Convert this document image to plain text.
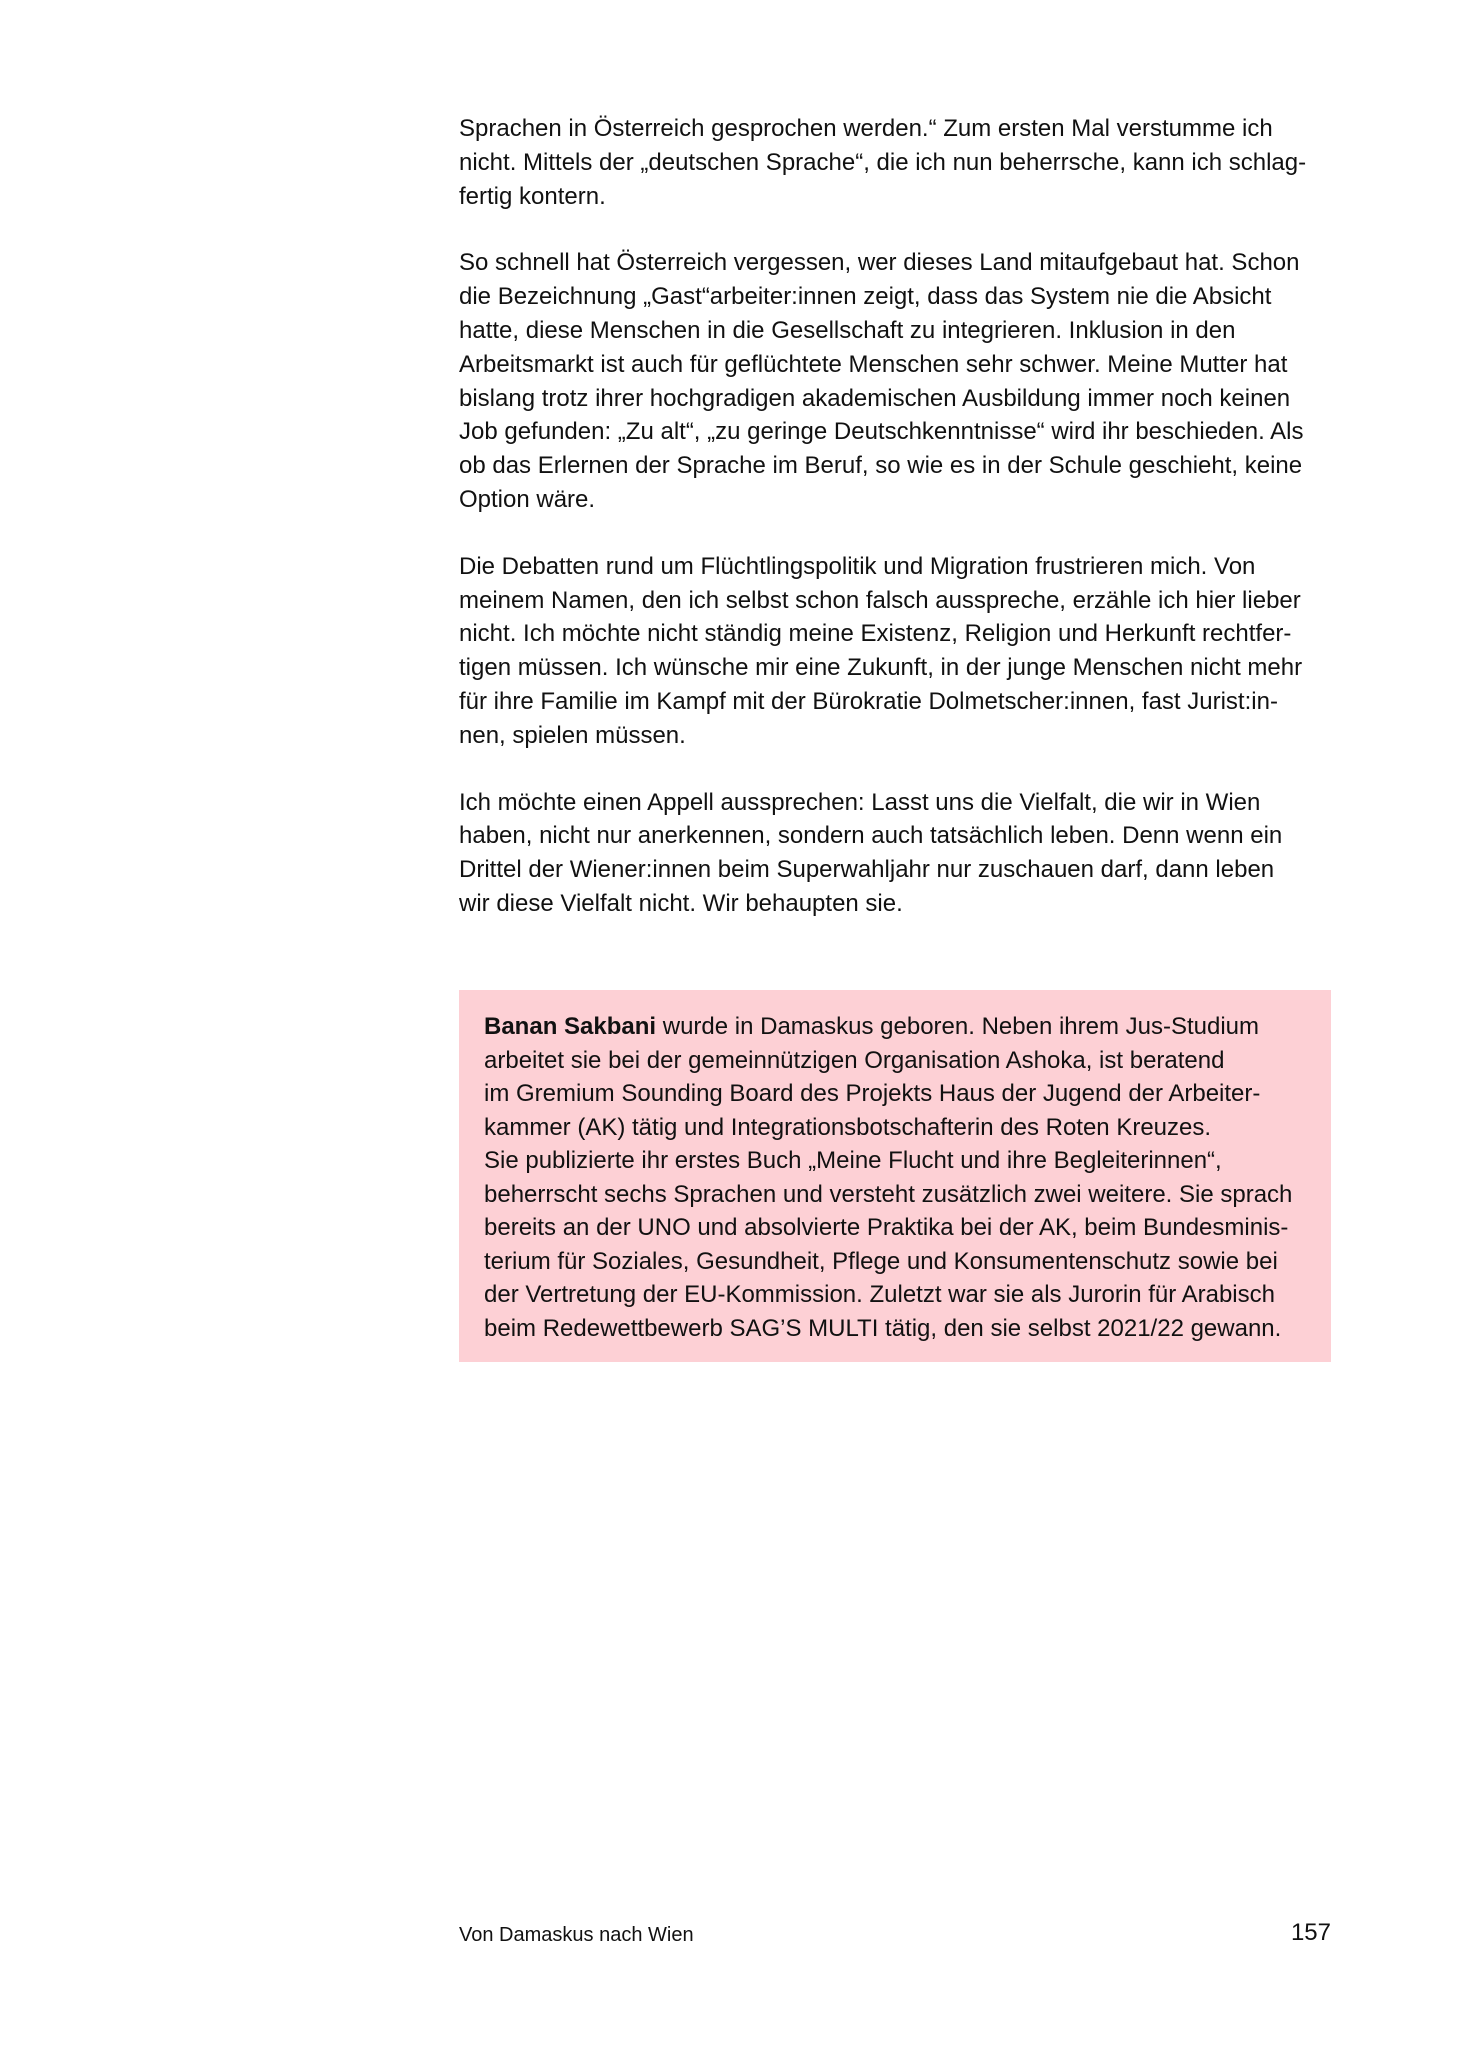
Sprachen in Österreich gesprochen werden.“ Zum ersten Mal verstumme ich
nicht. Mittels der „deutschen Sprache“, die ich nun beherrsche, kann ich schlag-
fertig kontern.

So schnell hat Österreich vergessen, wer dieses Land mitaufgebaut hat. Schon
die Bezeichnung „Gast“arbeiter:innen zeigt, dass das System nie die Absicht
hatte, diese Menschen in die Gesellschaft zu integrieren. Inklusion in den
Arbeitsmarkt ist auch für geflüchtete Menschen sehr schwer. Meine Mutter hat
bislang trotz ihrer hochgradigen akademischen Ausbildung immer noch keinen
Job gefunden: „Zu alt“, „zu geringe Deutschkenntnisse“ wird ihr beschieden. Als
ob das Erlernen der Sprache im Beruf, so wie es in der Schule geschieht, keine
Option wäre.

Die Debatten rund um Flüchtlingspolitik und Migration frustrieren mich. Von
meinem Namen, den ich selbst schon falsch ausspreche, erzähle ich hier lieber
nicht. Ich möchte nicht ständig meine Existenz, Religion und Herkunft rechtfer-
tigen müssen. Ich wünsche mir eine Zukunft, in der junge Menschen nicht mehr
für ihre Familie im Kampf mit der Bürokratie Dolmetscher:innen, fast Jurist:in-
nen, spielen müssen.

Ich möchte einen Appell aussprechen: Lasst uns die Vielfalt, die wir in Wien
haben, nicht nur anerkennen, sondern auch tatsächlich leben. Denn wenn ein
Drittel der Wiener:innen beim Superwahljahr nur zuschauen darf, dann leben
wir diese Vielfalt nicht. Wir behaupten sie.

Banan Sakbani wurde in Damaskus geboren. Neben ihrem Jus-Studium
arbeitet sie bei der gemeinnützigen Organisation Ashoka, ist beratend
im Gremium Sounding Board des Projekts Haus der Jugend der Arbeiter-
kammer (AK) tätig und Integrationsbotschafterin des Roten Kreuzes.
Sie publizierte ihr erstes Buch „Meine Flucht und ihre Begleiterinnen“,
beherrscht sechs Sprachen und versteht zusätzlich zwei weitere. Sie sprach
bereits an der UNO und absolvierte Praktika bei der AK, beim Bundesminis-
terium für Soziales, Gesundheit, Pflege und Konsumentenschutz sowie bei
der Vertretung der EU-Kommission. Zuletzt war sie als Jurorin für Arabisch
beim Redewettbewerb SAG’S MULTI tätig, den sie selbst 2021/22 gewann.

Von Damaskus nach Wien	157
